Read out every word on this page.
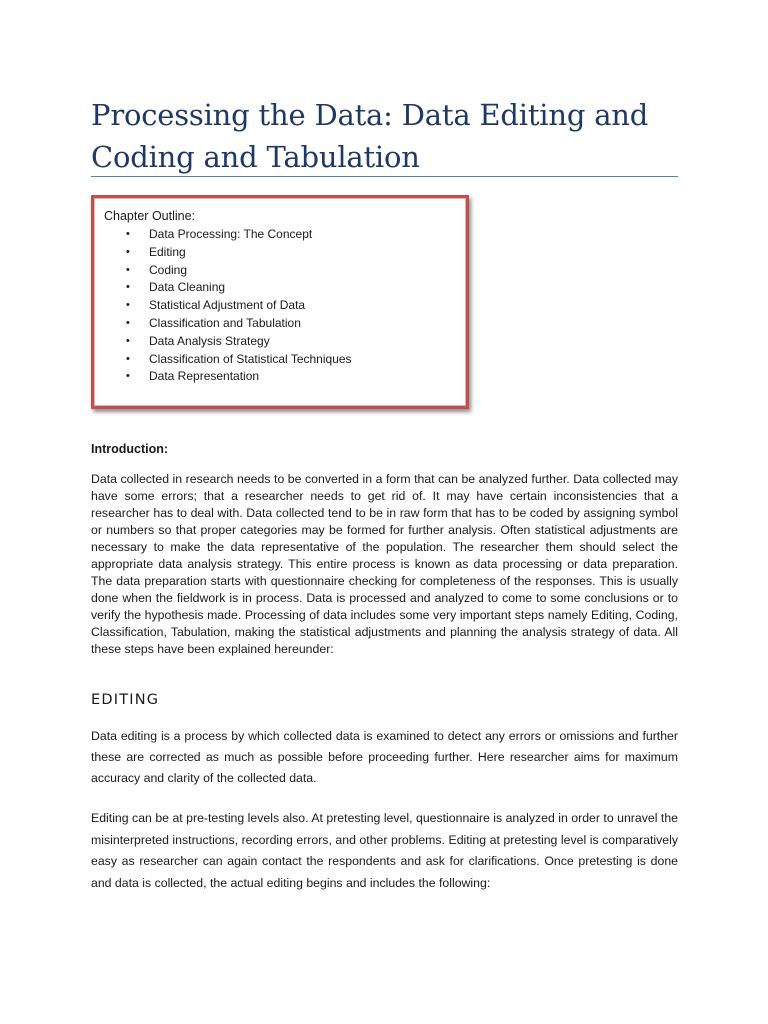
Processing the Data: Data Editing and Coding and Tabulation

Chapter Outline:

• Data Processing: The Concept
• Editing
• Coding
• Data Cleaning
• Statistical Adjustment of Data
• Classification and Tabulation
• Data Analysis Strategy
• Classification of Statistical Techniques
• Data Representation

Introduction:

Data collected in research needs to be converted in a form that can be analyzed further. Data collected may have some errors; that a researcher needs to get rid of. It may have certain inconsistencies that a researcher has to deal with. Data collected tend to be in raw form that has to be coded by assigning symbol or numbers so that proper categories may be formed for further analysis. Often statistical adjustments are necessary to make the data representative of the population. The researcher them should select the appropriate data analysis strategy. This entire process is known as data processing or data preparation. The data preparation starts with questionnaire checking for completeness of the responses. This is usually done when the fieldwork is in process. Data is processed and analyzed to come to some conclusions or to verify the hypothesis made. Processing of data includes some very important steps namely Editing, Coding, Classification, Tabulation, making the statistical adjustments and planning the analysis strategy of data. All these steps have been explained hereunder:

EDITING

Data editing is a process by which collected data is examined to detect any errors or omissions and further these are corrected as much as possible before proceeding further. Here researcher aims for maximum accuracy and clarity of the collected data.

Editing can be at pre-testing levels also. At pretesting level, questionnaire is analyzed in order to unravel the misinterpreted instructions, recording errors, and other problems. Editing at pretesting level is comparatively easy as researcher can again contact the respondents and ask for clarifications. Once pretesting is done and data is collected, the actual editing begins and includes the following:
